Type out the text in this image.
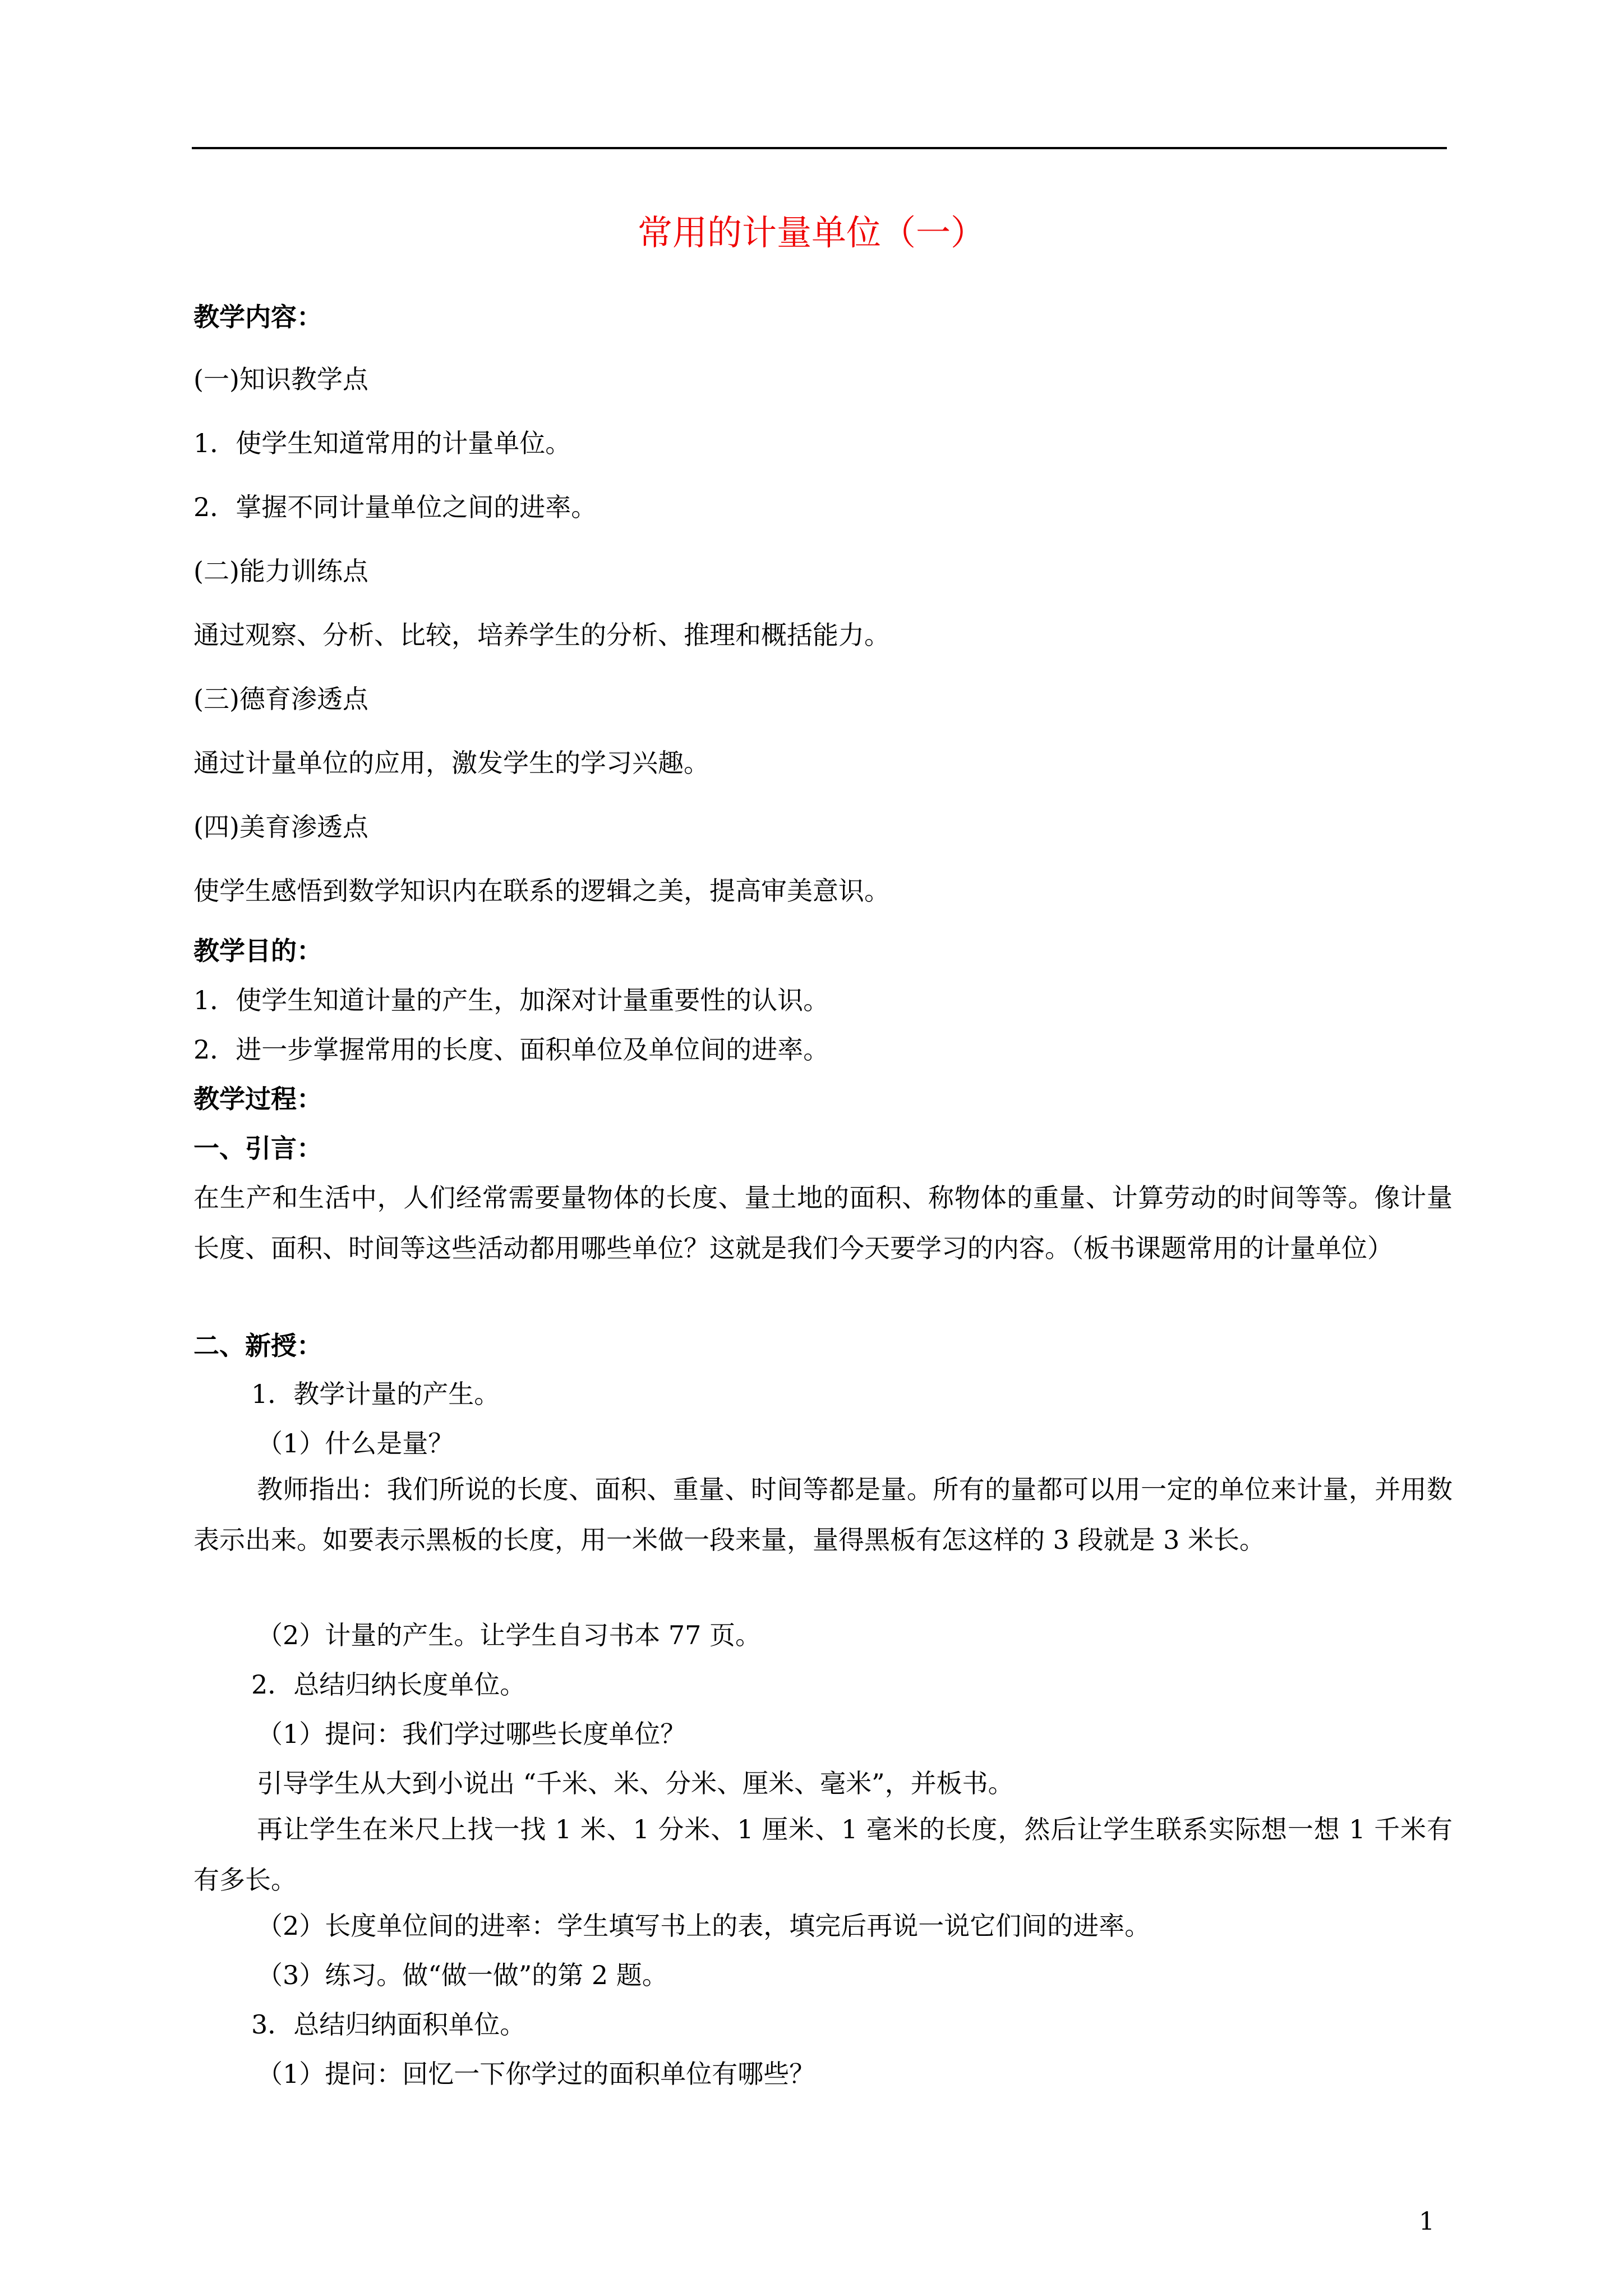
常用的计量单位（一）
教学内容：
(一)知识教学点
1．使学生知道常用的计量单位。
2．掌握不同计量单位之间的进率。
(二)能力训练点
通过观察、分析、比较，培养学生的分析、推理和概括能力。
(三)德育渗透点
通过计量单位的应用，激发学生的学习兴趣。
(四)美育渗透点
使学生感悟到数学知识内在联系的逻辑之美，提高审美意识。
教学目的：
1．使学生知道计量的产生，加深对计量重要性的认识。
2．进一步掌握常用的长度、面积单位及单位间的进率。
教学过程：
一、引言：
在生产和生活中，人们经常需要量物体的长度、量土地的面积、称物体的重量、计算劳动的时间等等。像计量长度、面积、时间等这些活动都用哪些单位？这就是我们今天要学习的内容。（板书课题常用的计量单位）
二、新授：
1．教学计量的产生。
（1）什么是量？
教师指出：我们所说的长度、面积、重量、时间等都是量。所有的量都可以用一定的单位来计量，并用数表示出来。如要表示黑板的长度，用一米做一段来量，量得黑板有怎这样的 3 段就是 3 米长。
（2）计量的产生。让学生自习书本 77 页。
2．总结归纳长度单位。
（1）提问：我们学过哪些长度单位？
引导学生从大到小说出 “千米、米、分米、厘米、毫米”，并板书。
再让学生在米尺上找一找 1 米、1 分米、1 厘米、1 毫米的长度，然后让学生联系实际想一想 1 千米有有多长。
（2）长度单位间的进率：学生填写书上的表，填完后再说一说它们间的进率。
（3）练习。做“做一做”的第 2 题。
3．总结归纳面积单位。
（1）提问：回忆一下你学过的面积单位有哪些？
1
